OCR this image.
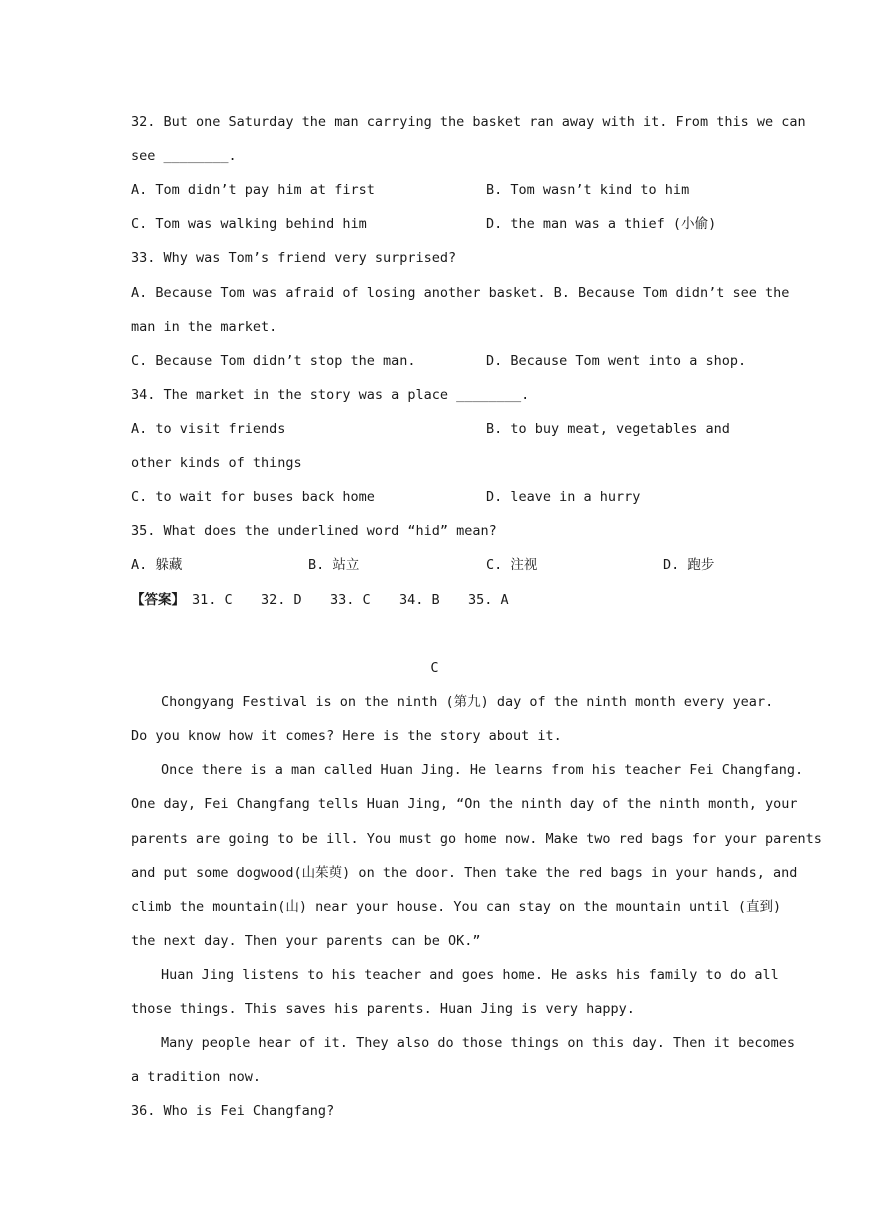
32. But one Saturday the man carrying the basket ran away with it. From this we can
see ________.
A. Tom didn’t pay him at first	B. Tom wasn’t kind to him
C. Tom was walking behind him	D. the man was a thief (小偷)
33. Why was Tom’s friend very surprised?
A. Because Tom was afraid of losing another basket. B. Because Tom didn’t see the
man in the market.
C. Because Tom didn’t stop the man.	D. Because Tom went into a shop.
34. The market in the story was a place ________.
A. to visit friends	B. to buy meat, vegetables and
other kinds of things
C. to wait for buses back home	D. leave in a hurry
35. What does the underlined word “hid” mean?
A. 躲藏	B. 站立	C. 注视	D. 跑步
【答案】 31. C 32. D 33. C 34. B 35. A
C
Chongyang Festival is on the ninth (第九) day of the ninth month every year.
Do you know how it comes? Here is the story about it.
Once there is a man called Huan Jing. He learns from his teacher Fei Changfang.
One day, Fei Changfang tells Huan Jing, “On the ninth day of the ninth month, your
parents are going to be ill. You must go home now. Make two red bags for your parents
and put some dogwood(山茱萸) on the door. Then take the red bags in your hands, and
climb the mountain(山) near your house. You can stay on the mountain until (直到)
the next day. Then your parents can be OK.”
Huan Jing listens to his teacher and goes home. He asks his family to do all
those things. This saves his parents. Huan Jing is very happy.
Many people hear of it. They also do those things on this day. Then it becomes
a tradition now.
36. Who is Fei Changfang?
